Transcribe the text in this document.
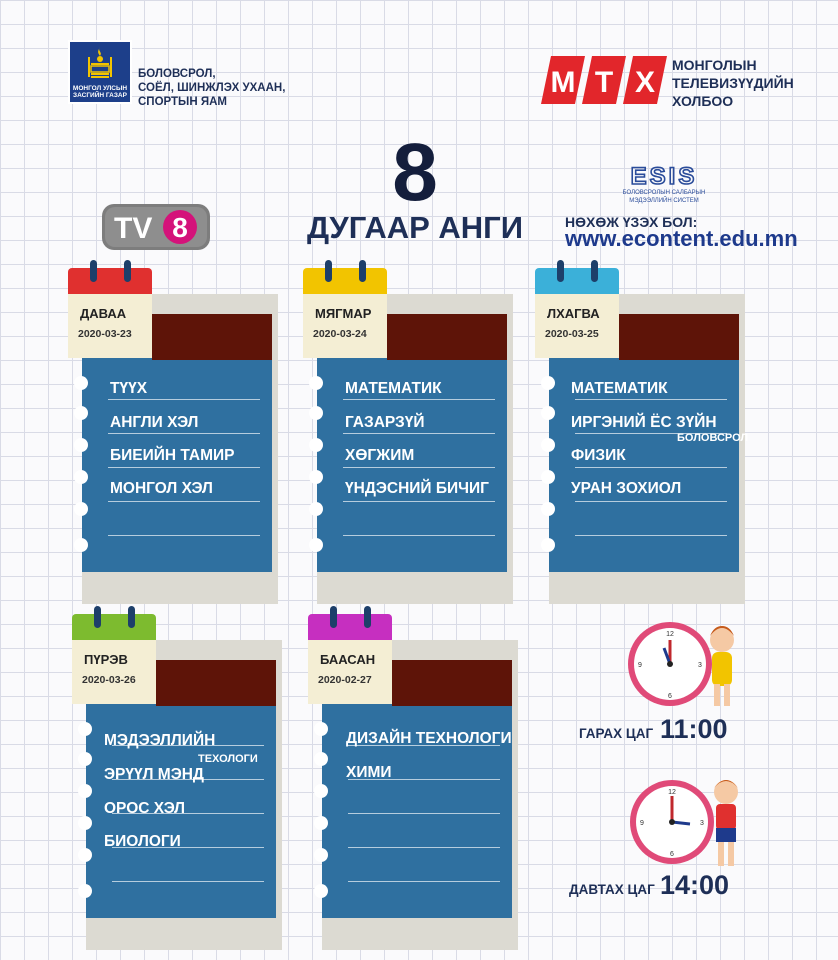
МОНГОЛ УЛСЫН ЗАСГИЙН ГАЗАР
БОЛОВСРОЛ,
СОЁЛ, ШИНЖЛЭХ УХААН,
СПОРТЫН ЯАМ
М Т Х
МОНГОЛЫН
ТЕЛЕВИЗҮҮДИЙН
ХОЛБОО
8
ДУГААР АНГИ
TV 8
ESIS
БОЛОВСРОЛЫН САЛБАРЫН
МЭДЭЭЛЛИЙН СИСТЕМ
НӨХӨЖ ҮЗЭХ БОЛ:
www.econtent.edu.mn
ДАВАА
2020-03-23
ТҮҮХ
АНГЛИ ХЭЛ
БИЕИЙН ТАМИР
МОНГОЛ ХЭЛ
МЯГМАР
2020-03-24
МАТЕМАТИК
ГАЗАРЗҮЙ
ХӨГЖИМ
ҮНДЭСНИЙ БИЧИГ
ЛХАГВА
2020-03-25
МАТЕМАТИК
ИРГЭНИЙ ЁС ЗҮЙН
БОЛОВСРОЛ
ФИЗИК
УРАН ЗОХИОЛ
ПҮРЭВ
2020-03-26
МЭДЭЭЛЛИЙН
ТЕХОЛОГИ
ЭРҮҮЛ МЭНД
ОРОС ХЭЛ
БИОЛОГИ
БААСАН
2020-02-27
ДИЗАЙН ТЕХНОЛОГИ
ХИМИ
12
3
6
9
ГАРАХ ЦАГ 11:00
12
3
6
9
ДАВТАХ ЦАГ 14:00
